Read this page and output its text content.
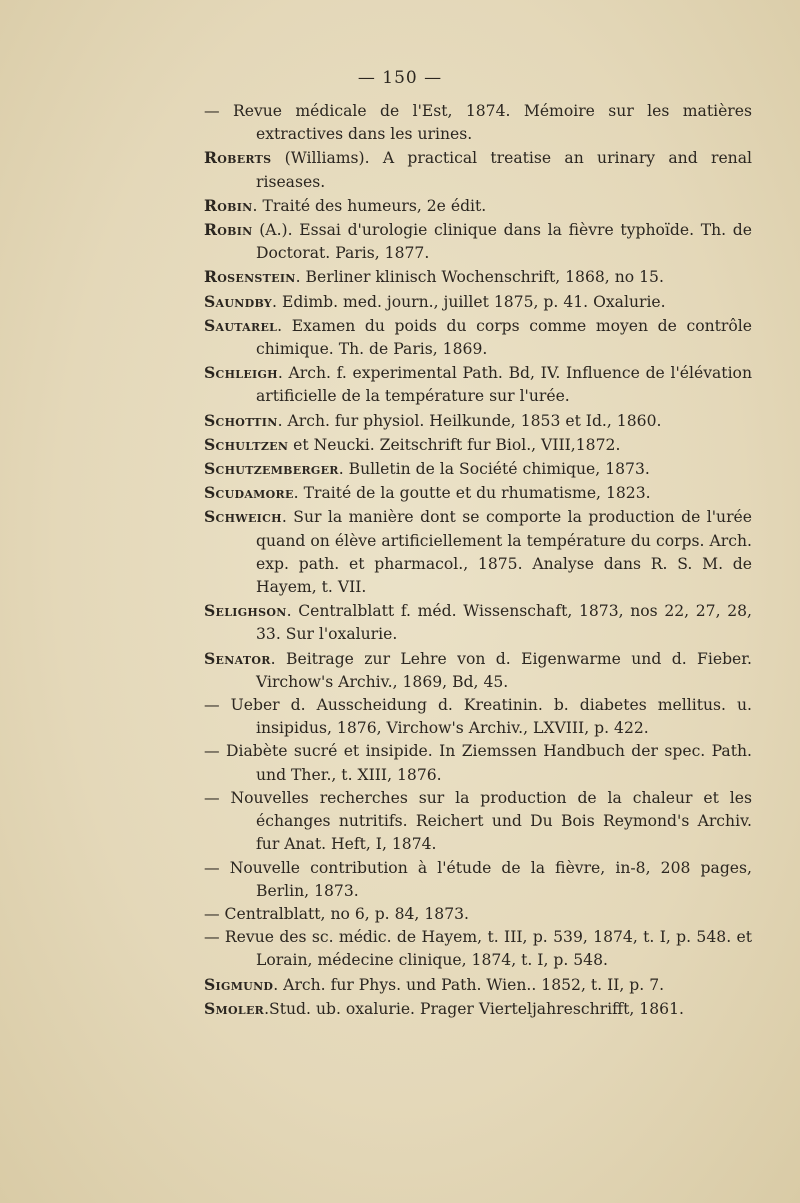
— 150 —

— Revue médicale de l'Est, 1874. Mémoire sur les matières extractives dans les urines.

Roberts (Williams). A practical treatise an urinary and renal riseases.

Robin. Traité des humeurs, 2e édit.

Robin (A.). Essai d'urologie clinique dans la fièvre typhoïde. Th. de Doctorat. Paris, 1877.

Rosenstein. Berliner klinisch Wochenschrift, 1868, no 15.

Saundby. Edimb. med. journ., juillet 1875, p. 41. Oxalurie.

Sautarel. Examen du poids du corps comme moyen de contrôle chimique. Th. de Paris, 1869.

Schleigh. Arch. f. experimental Path. Bd, IV. Influence de l'élévation artificielle de la température sur l'urée.

Schottin. Arch. fur physiol. Heilkunde, 1853 et Id., 1860.

Schultzen et Neucki. Zeitschrift fur Biol., VIII,1872.

Schutzemberger. Bulletin de la Société chimique, 1873.

Scudamore. Traité de la goutte et du rhumatisme, 1823.

Schweich. Sur la manière dont se comporte la production de l'urée quand on élève artificiellement la température du corps. Arch. exp. path. et pharmacol., 1875. Analyse dans R. S. M. de Hayem, t. VII.

Selighson. Centralblatt f. méd. Wissenschaft, 1873, nos 22, 27, 28, 33. Sur l'oxalurie.

Senator. Beitrage zur Lehre von d. Eigenwarme und d. Fieber. Virchow's Archiv., 1869, Bd, 45.

— Ueber d. Ausscheidung d. Kreatinin. b. diabetes mellitus. u. insipidus, 1876, Virchow's Archiv., LXVIII, p. 422.

— Diabète sucré et insipide. In Ziemssen Handbuch der spec. Path. und Ther., t. XIII, 1876.

— Nouvelles recherches sur la production de la chaleur et les échanges nutritifs. Reichert und Du Bois Reymond's Archiv. fur Anat. Heft, I, 1874.

— Nouvelle contribution à l'étude de la fièvre, in-8, 208 pages, Berlin, 1873.

— Centralblatt, no 6, p. 84, 1873.

— Revue des sc. médic. de Hayem, t. III, p. 539, 1874, t. I, p. 548. et Lorain, médecine clinique, 1874, t. I, p. 548.

Sigmund. Arch. fur Phys. und Path. Wien.. 1852, t. II, p. 7.

Smoler.Stud. ub. oxalurie. Prager Vierteljahreschrifft, 1861.
